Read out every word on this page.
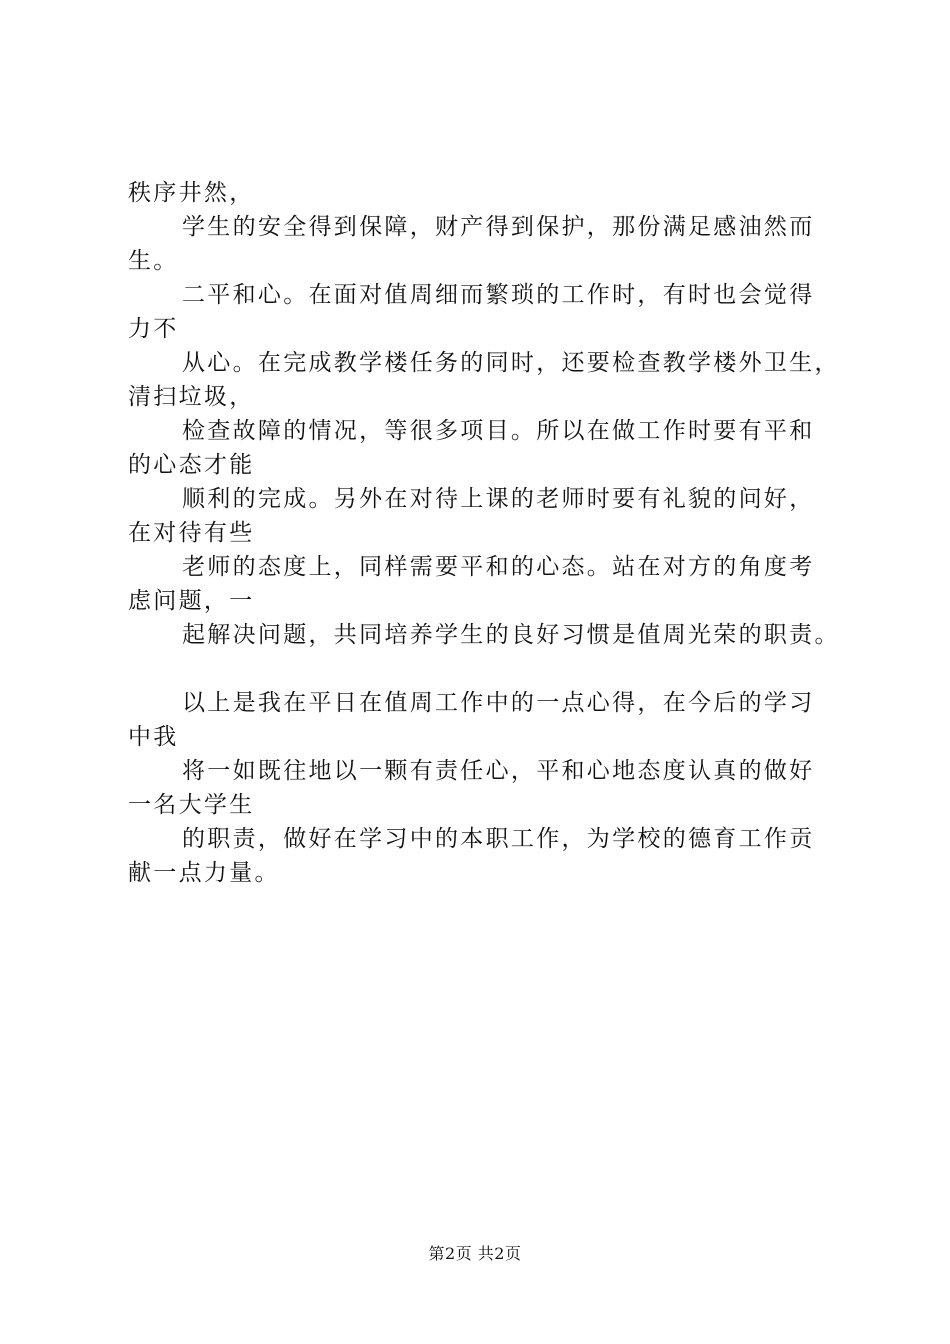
秩序井然，
学生的安全得到保障，财产得到保护，那份满足感油然而
生。
二平和心。在面对值周细而繁琐的工作时，有时也会觉得
力不
从心。在完成教学楼任务的同时，还要检查教学楼外卫生，
清扫垃圾，
检查故障的情况，等很多项目。所以在做工作时要有平和
的心态才能
顺利的完成。另外在对待上课的老师时要有礼貌的问好，
在对待有些
老师的态度上，同样需要平和的心态。站在对方的角度考
虑问题，一
起解决问题，共同培养学生的良好习惯是值周光荣的职责。
以上是我在平日在值周工作中的一点心得，在今后的学习
中我
将一如既往地以一颗有责任心，平和心地态度认真的做好
一名大学生
的职责，做好在学习中的本职工作，为学校的德育工作贡
献一点力量。
第2页 共2页
